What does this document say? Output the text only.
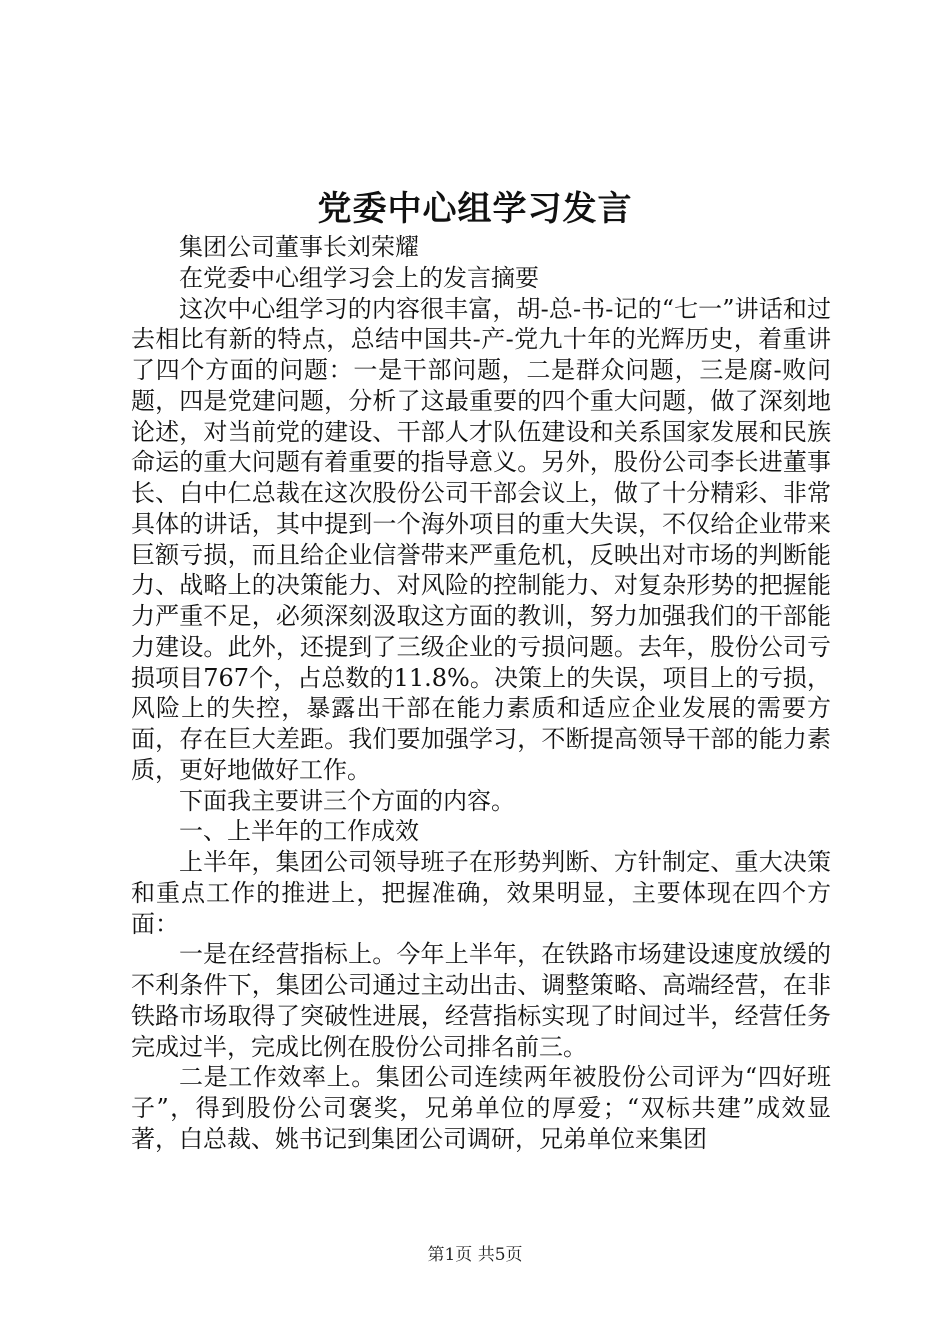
党委中心组学习发言

集团公司董事长刘荣耀

在党委中心组学习会上的发言摘要

这次中心组学习的内容很丰富，胡-总-书-记的“七一”讲话和过去相比有新的特点，总结中国共-产-党九十年的光辉历史，着重讲了四个方面的问题：一是干部问题，二是群众问题，三是腐-败问题，四是党建问题，分析了这最重要的四个重大问题，做了深刻地论述，对当前党的建设、干部人才队伍建设和关系国家发展和民族命运的重大问题有着重要的指导意义。另外，股份公司李长进董事长、白中仁总裁在这次股份公司干部会议上，做了十分精彩、非常具体的讲话，其中提到一个海外项目的重大失误，不仅给企业带来巨额亏损，而且给企业信誉带来严重危机，反映出对市场的判断能力、战略上的决策能力、对风险的控制能力、对复杂形势的把握能力严重不足，必须深刻汲取这方面的教训，努力加强我们的干部能力建设。此外，还提到了三级企业的亏损问题。去年，股份公司亏损项目767个，占总数的11.8%。决策上的失误，项目上的亏损，风险上的失控，暴露出干部在能力素质和适应企业发展的需要方面，存在巨大差距。我们要加强学习，不断提高领导干部的能力素质，更好地做好工作。

下面我主要讲三个方面的内容。

一、上半年的工作成效

上半年，集团公司领导班子在形势判断、方针制定、重大决策和重点工作的推进上，把握准确，效果明显，主要体现在四个方面：

一是在经营指标上。今年上半年，在铁路市场建设速度放缓的不利条件下，集团公司通过主动出击、调整策略、高端经营，在非铁路市场取得了突破性进展，经营指标实现了时间过半，经营任务完成过半，完成比例在股份公司排名前三。

二是工作效率上。集团公司连续两年被股份公司评为“四好班子”，得到股份公司褒奖，兄弟单位的厚爱；“双标共建”成效显著，白总裁、姚书记到集团公司调研，兄弟单位来集团

第1页 共5页
